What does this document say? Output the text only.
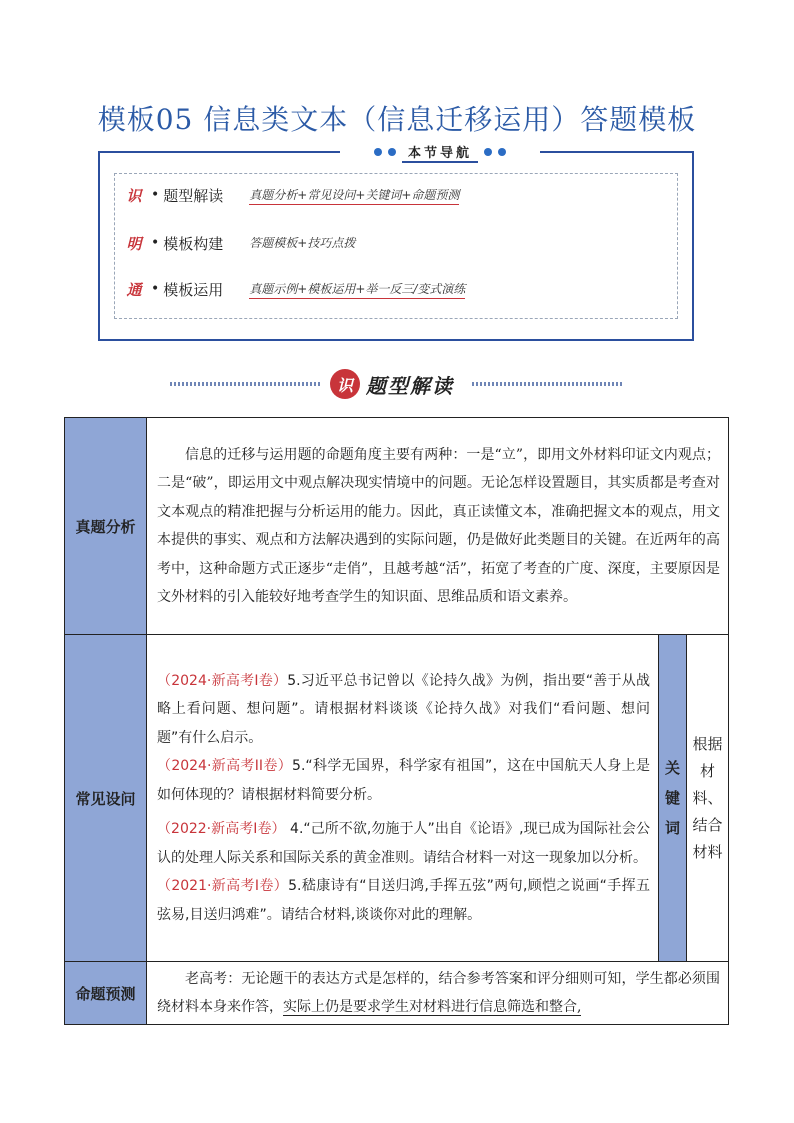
模板05 信息类文本（信息迁移运用）答题模板
本节导航
识 • 题型解读	真题分析+常见设问+关键词+命题预测
明 • 模板构建	答题模板+技巧点拨
通 • 模板运用	真题示例+模板运用+举一反三/变式演练
识 题型解读
真题分析	信息的迁移与运用题的命题角度主要有两种：一是“立”，即用文外材料印证文内观点；二是“破”，即运用文中观点解决现实情境中的问题。无论怎样设置题目，其实质都是考查对文本观点的精准把握与分析运用的能力。因此，真正读懂文本，准确把握文本的观点，用文本提供的事实、观点和方法解决遇到的实际问题，仍是做好此类题目的关键。在近两年的高考中，这种命题方式正逐步“走俏”，且越考越“活”，拓宽了考查的广度、深度，主要原因是文外材料的引入能较好地考查学生的知识面、思维品质和语文素养。		

常见设问	（2024·新高考Ⅰ卷）5.习近平总书记曾以《论持久战》为例，指出要“善于从战略上看问题、想问题”。请根据材料谈谈《论持久战》对我们“看问题、想问题”有什么启示。
（2024·新高考II卷）5.“科学无国界，科学家有祖国”，这在中国航天人身上是如何体现的？请根据材料简要分析。
（2022·新高考Ⅰ卷） 4.“己所不欲,勿施于人”出自《论语》,现已成为国际社会公认的处理人际关系和国际关系的黄金准则。请结合材料一对这一现象加以分析。
（2021·新高考Ⅰ卷）5.嵇康诗有“目送归鸿,手挥五弦”两句,顾恺之说画“手挥五弦易,目送归鸿难”。请结合材料,谈谈你对此的理解。	关键词	根据材料、结合材料
命题预测	老高考：无论题干的表达方式是怎样的，结合参考答案和评分细则可知，学生都必须围绕材料本身来作答，实际上仍是要求学生对材料进行信息筛选和整合,		
